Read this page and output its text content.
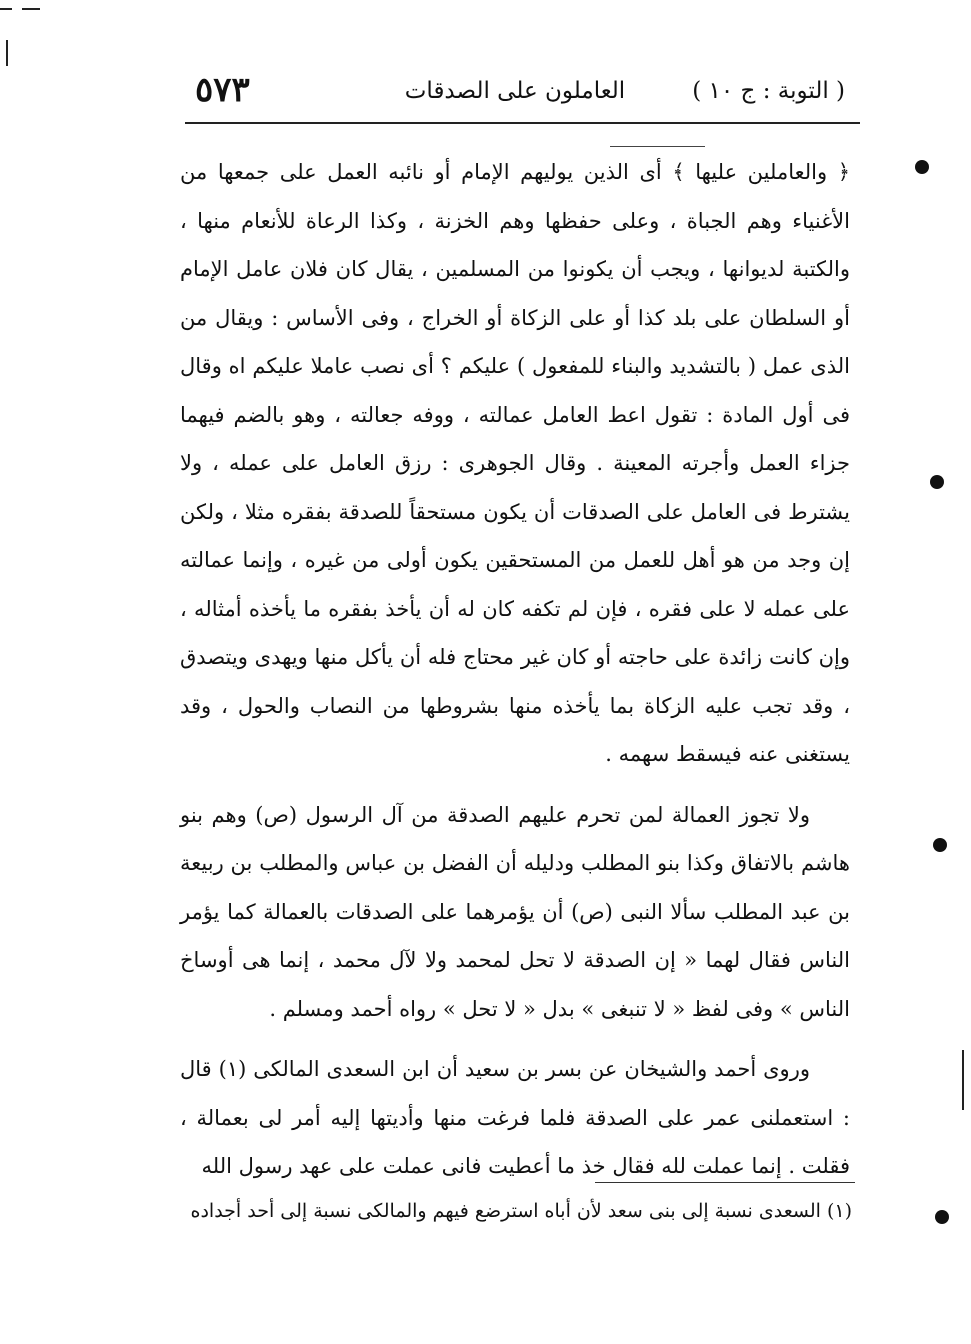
( التوبة : ج ١٠ )
العاملون على الصدقات
٥٧٣

﴿ والعاملين عليها ﴾ أى الذين يوليهم الإمام أو نائبه العمل على جمعها من الأغنياء وهم الجباة ، وعلى حفظها وهم الخزنة ، وكذا الرعاة للأنعام منها ، والكتبة لديوانها ، ويجب أن يكونوا من المسلمين ، يقال كان فلان عامل الإمام أو السلطان على بلد كذا أو على الزكاة أو الخراج ، وفى الأساس : ويقال من الذى عمل ( بالتشديد والبناء للمفعول ) عليكم ؟ أى نصب عاملا عليكم اه وقال فى أول المادة : تقول اعط العامل عمالته ، ووفه جعالته ، وهو بالضم فيهما جزاء العمل وأجرته المعينة . وقال الجوهرى : رزق العامل على عمله ، ولا يشترط فى العامل على الصدقات أن يكون مستحقاً للصدقة بفقره مثلا ، ولكن إن وجد من هو أهل للعمل من المستحقين يكون أولى من غيره ، وإنما عمالته على عمله لا على فقره ، فإن لم تكفه كان له أن يأخذ بفقره ما يأخذه أمثاله ، وإن كانت زائدة على حاجته أو كان غير محتاج فله أن يأكل منها ويهدى ويتصدق ، وقد تجب عليه الزكاة بما يأخذه منها بشروطها من النصاب والحول ، وقد يستغنى عنه فيسقط سهمه .

ولا تجوز العمالة لمن تحرم عليهم الصدقة من آل الرسول (ص) وهم بنو هاشم بالاتفاق وكذا بنو المطلب ودليله أن الفضل بن عباس والمطلب بن ربيعة بن عبد المطلب سألا النبى (ص) أن يؤمرهما على الصدقات بالعمالة كما يؤمر الناس فقال لهما « إن الصدقة لا تحل لمحمد ولا لآل محمد ، إنما هى أوساخ الناس » وفى لفظ « لا تنبغى » بدل « لا تحل » رواه أحمد ومسلم .

وروى أحمد والشيخان عن بسر بن سعيد أن ابن السعدى المالكى (١) قال : استعملنى عمر على الصدقة فلما فرغت منها وأديتها إليه أمر لى بعمالة ، فقلت . إنما عملت لله فقال خذ ما أعطيت فانى عملت على عهد رسول الله

(١) السعدى نسبة إلى بنى سعد لأن أباه استرضع فيهم والمالكى نسبة إلى أحد أجداده
